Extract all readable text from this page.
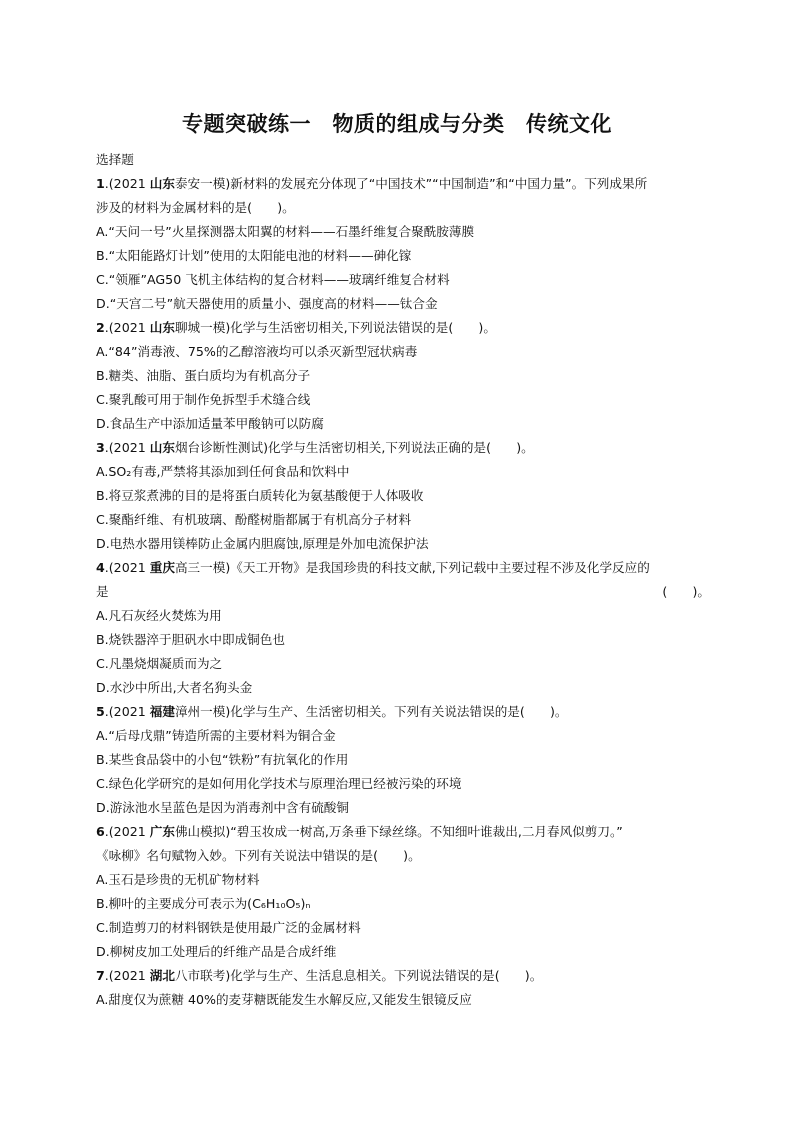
专题突破练一　物质的组成与分类　传统文化
选择题
1.(2021 山东泰安一模)新材料的发展充分体现了“中国技术”“中国制造”和“中国力量”。下列成果所
涉及的材料为金属材料的是(　　)。
A.“天问一号”火星探测器太阳翼的材料——石墨纤维复合聚酰胺薄膜
B.“太阳能路灯计划”使用的太阳能电池的材料——砷化镓
C.“领雁”AG50 飞机主体结构的复合材料——玻璃纤维复合材料
D.“天宫二号”航天器使用的质量小、强度高的材料——钛合金
2.(2021 山东聊城一模)化学与生活密切相关,下列说法错误的是(　　)。
A.“84”消毒液、75%的乙醇溶液均可以杀灭新型冠状病毒
B.糖类、油脂、蛋白质均为有机高分子
C.聚乳酸可用于制作免拆型手术缝合线
D.食品生产中添加适量苯甲酸钠可以防腐
3.(2021 山东烟台诊断性测试)化学与生活密切相关,下列说法正确的是(　　)。
A.SO₂有毒,严禁将其添加到任何食品和饮料中
B.将豆浆煮沸的目的是将蛋白质转化为氨基酸便于人体吸收
C.聚酯纤维、有机玻璃、酚醛树脂都属于有机高分子材料
D.电热水器用镁棒防止金属内胆腐蚀,原理是外加电流保护法
4.(2021 重庆高三一模)《天工开物》是我国珍贵的科技文献,下列记载中主要过程不涉及化学反应的
是	(　　)。
A.凡石灰经火焚炼为用
B.烧铁器淬于胆矾水中即成铜色也
C.凡墨烧烟凝质而为之
D.水沙中所出,大者名狗头金
5.(2021 福建漳州一模)化学与生产、生活密切相关。下列有关说法错误的是(　　)。
A.“后母戊鼎”铸造所需的主要材料为铜合金
B.某些食品袋中的小包“铁粉”有抗氧化的作用
C.绿色化学研究的是如何用化学技术与原理治理已经被污染的环境
D.游泳池水呈蓝色是因为消毒剂中含有硫酸铜
6.(2021 广东佛山模拟)“碧玉妆成一树高,万条垂下绿丝绦。不知细叶谁裁出,二月春风似剪刀。”
《咏柳》名句赋物入妙。下列有关说法中错误的是(　　)。
A.玉石是珍贵的无机矿物材料
B.柳叶的主要成分可表示为(C₆H₁₀O₅)ₙ
C.制造剪刀的材料钢铁是使用最广泛的金属材料
D.柳树皮加工处理后的纤维产品是合成纤维
7.(2021 湖北八市联考)化学与生产、生活息息相关。下列说法错误的是(　　)。
A.甜度仅为蔗糖 40%的麦芽糖既能发生水解反应,又能发生银镜反应
